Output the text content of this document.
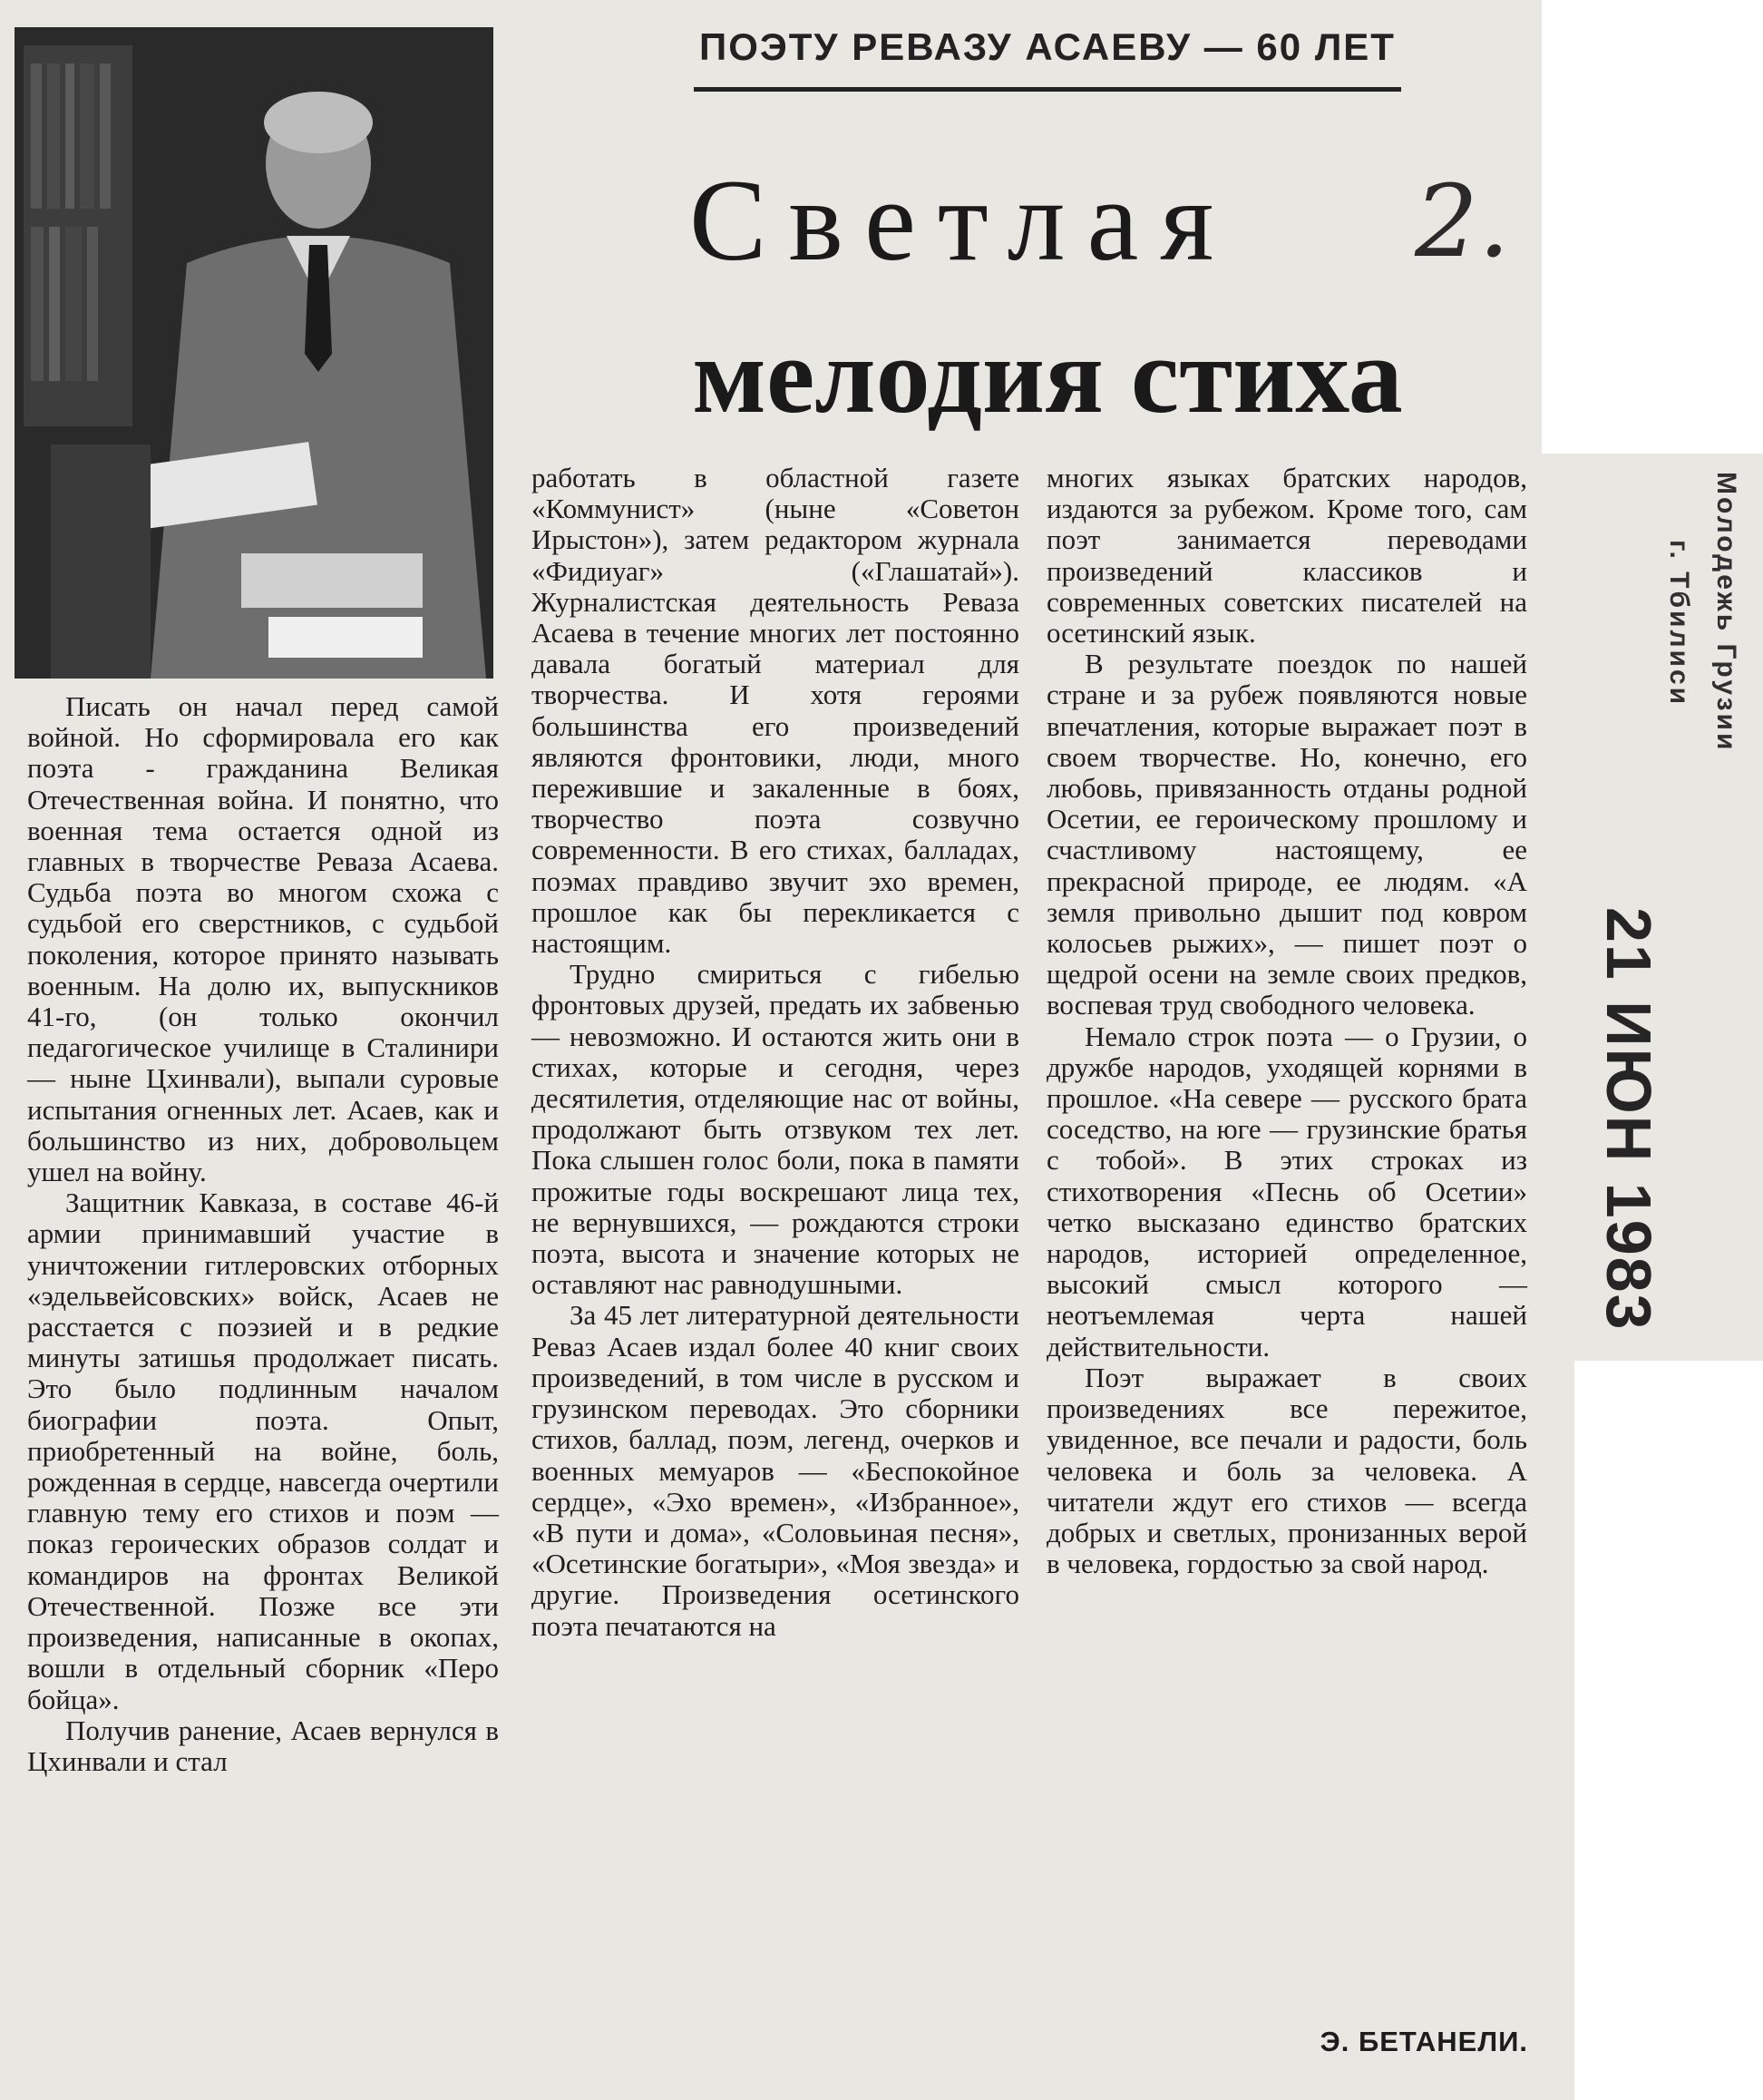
ПОЭТУ РЕВАЗУ АСАЕВУ — 60 ЛЕТ
Светлая	2.
мелодия стиха

Писать он начал перед самой войной. Но сформировала его как поэта - гражданина Великая Отечественная война. И понятно, что военная тема остается одной из главных в творчестве Реваза Асаева. Судьба поэта во многом схожа с судьбой его сверстников, с судьбой поколения, которое принято называть военным. На долю их, выпускников 41-го, (он только окончил педагогическое училище в Сталинири — ныне Цхинвали), выпали суровые испытания огненных лет. Асаев, как и большинство из них, добровольцем ушел на войну.

Защитник Кавказа, в составе 46-й армии принимавший участие в уничтожении гитлеровских отборных «эдельвейсовских» войск, Асаев не расстается с поэзией и в редкие минуты затишья продолжает писать. Это было подлинным началом биографии поэта. Опыт, приобретенный на войне, боль, рожденная в сердце, навсегда очертили главную тему его стихов и поэм — показ героических образов солдат и командиров на фронтах Великой Отечественной. Позже все эти произведения, написанные в окопах, вошли в отдельный сборник «Перо бойца».

Получив ранение, Асаев вернулся в Цхинвали и стал

работать в областной газете «Коммунист» (ныне «Советон Ирыстон»), затем редактором журнала «Фидиуаг» («Глашатай»). Журналистская деятельность Реваза Асаева в течение многих лет постоянно давала богатый материал для творчества. И хотя героями большинства его произведений являются фронтовики, люди, много пережившие и закаленные в боях, творчество поэта созвучно современности. В его стихах, балладах, поэмах правдиво звучит эхо времен, прошлое как бы перекликается с настоящим.

Трудно смириться с гибелью фронтовых друзей, предать их забвенью — невозможно. И остаются жить они в стихах, которые и сегодня, через десятилетия, отделяющие нас от войны, продолжают быть отзвуком тех лет. Пока слышен голос боли, пока в памяти прожитые годы воскрешают лица тех, не вернувшихся, — рождаются строки поэта, высота и значение которых не оставляют нас равнодушными.

За 45 лет литературной деятельности Реваз Асаев издал более 40 книг своих произведений, в том числе в русском и грузинском переводах. Это сборники стихов, баллад, поэм, легенд, очерков и военных мемуаров — «Беспокойное сердце», «Эхо времен», «Избранное», «В пути и дома», «Соловьиная песня», «Осетинские богатыри», «Моя звезда» и другие. Произведения осетинского поэта печатаются на

многих языках братских народов, издаются за рубежом. Кроме того, сам поэт занимается переводами произведений классиков и современных советских писателей на осетинский язык.

В результате поездок по нашей стране и за рубеж появляются новые впечатления, которые выражает поэт в своем творчестве. Но, конечно, его любовь, привязанность отданы родной Осетии, ее героическому прошлому и счастливому настоящему, ее прекрасной природе, ее людям. «А земля привольно дышит под ковром колосьев рыжих», — пишет поэт о щедрой осени на земле своих предков, воспевая труд свободного человека.

Немало строк поэта — о Грузии, о дружбе народов, уходящей корнями в прошлое. «На севере — русского брата соседство, на юге — грузинские братья с тобой». В этих строках из стихотворения «Песнь об Осетии» четко высказано единство братских народов, историей определенное, высокий смысл которого — неотъемлемая черта нашей действительности.

Поэт выражает в своих произведениях все пережитое, увиденное, все печали и радости, боль человека и боль за человека. А читатели ждут его стихов — всегда добрых и светлых, пронизанных верой в человека, гордостью за свой народ.

Э. БЕТАНЕЛИ.
21 ИЮН 1983
Молодежь Грузии
г. Тбилиси
